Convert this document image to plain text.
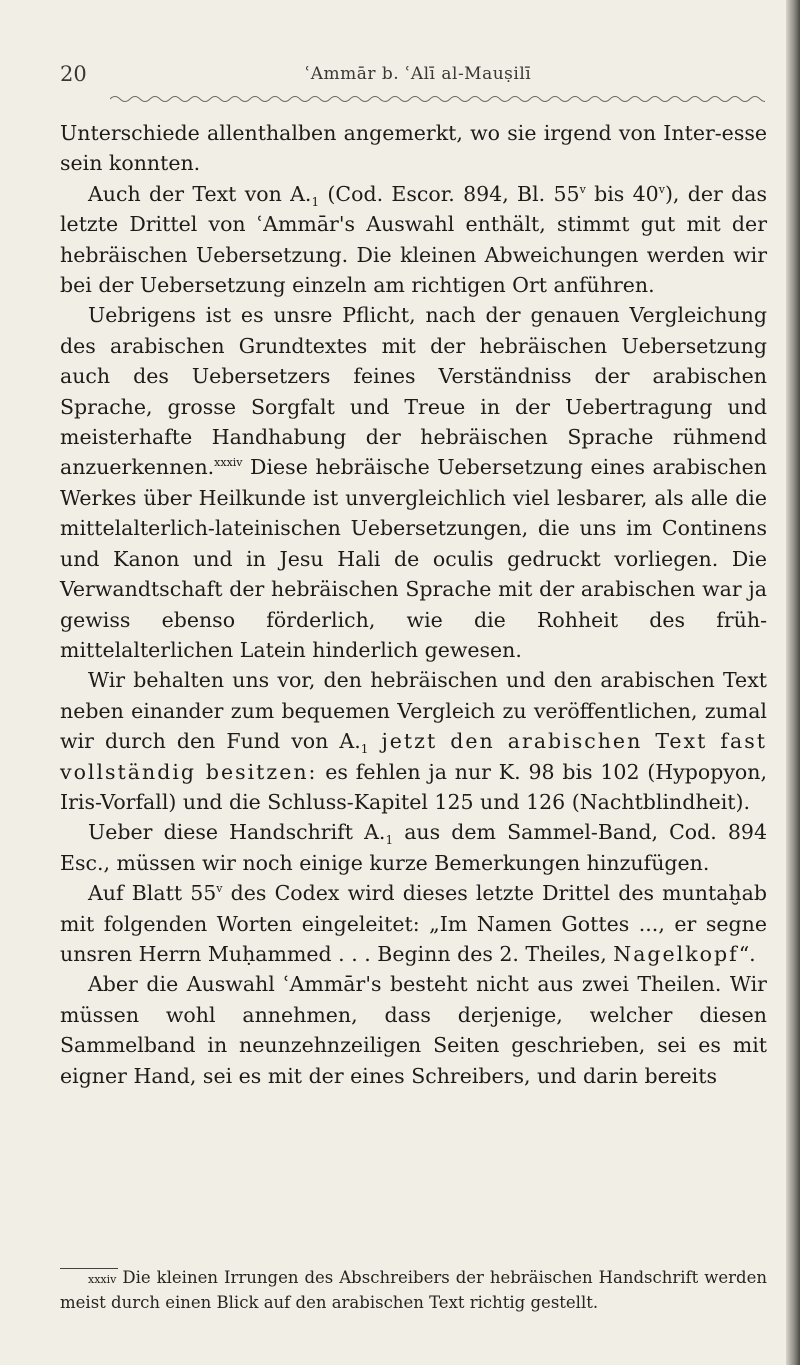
20	ʿAmmār b. ʿAlī al-Mauṣilī

Unterschiede allenthalben angemerkt, wo sie irgend von Inter-esse sein konnten.

Auch der Text von $A._1$ (Cod. Escor. 894, Bl. 55$^v$ bis 40$^v$), der das letzte Drittel von ʿAmmār's Auswahl enthält, stimmt gut mit der hebräischen Uebersetzung. Die kleinen Abweichungen werden wir bei der Uebersetzung einzeln am richtigen Ort anführen.

Uebrigens ist es unsre Pflicht, nach der genauen Vergleichung des arabischen Grundtextes mit der hebräischen Uebersetzung auch des Uebersetzers feines Verständniss der arabischen Sprache, grosse Sorgfalt und Treue in der Uebertragung und meisterhafte Handhabung der hebräischen Sprache rühmend anzuerkennen.$^{xxxiv}$ Diese hebräische Uebersetzung eines arabischen Werkes über Heilkunde ist unvergleichlich viel lesbarer, als alle die mittelalterlich-lateinischen Uebersetzungen, die uns im Continens und Kanon und in Jesu Hali de oculis gedruckt vorliegen. Die Verwandtschaft der hebräischen Sprache mit der arabischen war ja gewiss ebenso förderlich, wie die Rohheit des früh-mittelalterlichen Latein hinderlich gewesen.

Wir behalten uns vor, den hebräischen und den arabischen Text neben einander zum bequemen Vergleich zu veröffentlichen, zumal wir durch den Fund von $A._1$ jetzt den arabischen Text fast vollständig besitzen: es fehlen ja nur K. 98 bis 102 (Hypopyon, Iris-Vorfall) und die Schluss-Kapitel 125 und 126 (Nachtblindheit).

Ueber diese Handschrift $A._1$ aus dem Sammel-Band, Cod. 894 Esc., müssen wir noch einige kurze Bemerkungen hinzufügen.

Auf Blatt 55$^v$ des Codex wird dieses letzte Drittel des muntaḫab mit folgenden Worten eingeleitet: „Im Namen Gottes ..., er segne unsren Herrn Muḥammed . . . Beginn des 2. Theiles, Nagelkopf“.

Aber die Auswahl ʿAmmār's besteht nicht aus zwei Theilen. Wir müssen wohl annehmen, dass derjenige, welcher diesen Sammelband in neunzehnzeiligen Seiten geschrieben, sei es mit eigner Hand, sei es mit der eines Schreibers, und darin bereits

xxxiv Die kleinen Irrungen des Abschreibers der hebräischen Handschrift werden meist durch einen Blick auf den arabischen Text richtig gestellt.
